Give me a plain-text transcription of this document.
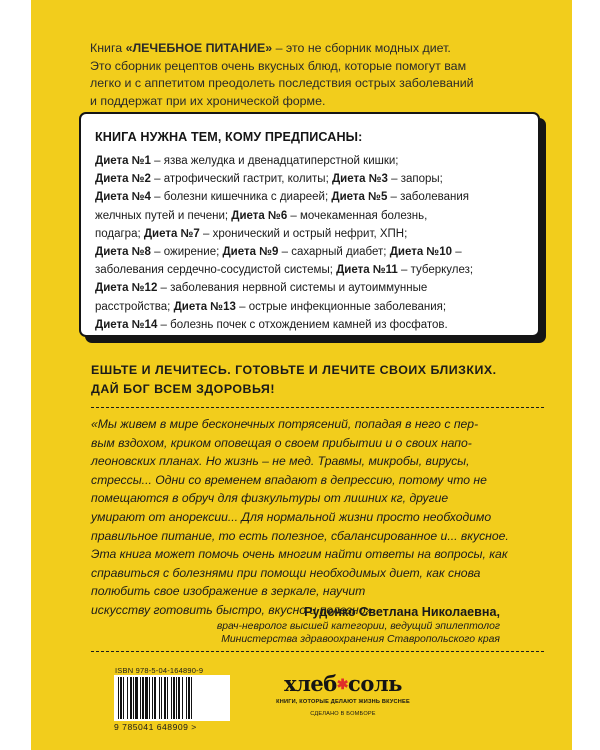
Книга «ЛЕЧЕБНОЕ ПИТАНИЕ» – это не сборник модных диет.
Это сборник рецептов очень вкусных блюд, которые помогут вам
легко и с аппетитом преодолеть последствия острых заболеваний
и поддержат при их хронической форме.

КНИГА НУЖНА ТЕМ, КОМУ ПРЕДПИСАНЫ:

Диета №1 – язва желудка и двенадцатиперстной кишки;
Диета №2 – атрофический гастрит, колиты; Диета №3 – запоры;
Диета №4 – болезни кишечника с диареей; Диета №5 – заболевания
желчных путей и печени; Диета №6 – мочекаменная болезнь,
подагра; Диета №7 – хронический и острый нефрит, ХПН;
Диета №8 – ожирение; Диета №9 – сахарный диабет; Диета №10 –
заболевания сердечно-сосудистой системы; Диета №11 – туберкулез;
Диета №12 – заболевания нервной системы и аутоиммунные
расстройства; Диета №13 – острые инфекционные заболевания;
Диета №14 – болезнь почек с отхождением камней из фосфатов.

ЕШЬТЕ И ЛЕЧИТЕСЬ. ГОТОВЬТЕ И ЛЕЧИТЕ СВОИХ БЛИЗКИХ.
ДАЙ БОГ ВСЕМ ЗДОРОВЬЯ!

«Мы живем в мире бесконечных потрясений, попадая в него с пер-
вым вздохом, криком оповещая о своем прибытии и о своих напо-
леоновских планах. Но жизнь – не мед. Травмы, микробы, вирусы,
стрессы... Одни со временем впадают в депрессию, потому что не
помещаются в обруч для физкультуры от лишних кг, другие
умирают от анорексии... Для нормальной жизни просто необходимо
правильное питание, то есть полезное, сбалансированное и... вкусное.
Эта книга может помочь очень многим найти ответы на вопросы, как
справиться с болезнями при помощи необходимых диет, как снова
полюбить свое изображение в зеркале, научит
искусству готовить быстро, вкусно и полезно»

Руденко Светлана Николаевна,
врач-невролог высшей категории, ведущий эпилептолог
Министерства здравоохранения Ставропольского края
ISBN 978-5-04-164890-9
9 785041 648909 >
хлеб✱соль
КНИГИ, КОТОРЫЕ ДЕЛАЮТ ЖИЗНЬ ВКУСНЕЕ
СДЕЛАНО В БОМБОРЕ
